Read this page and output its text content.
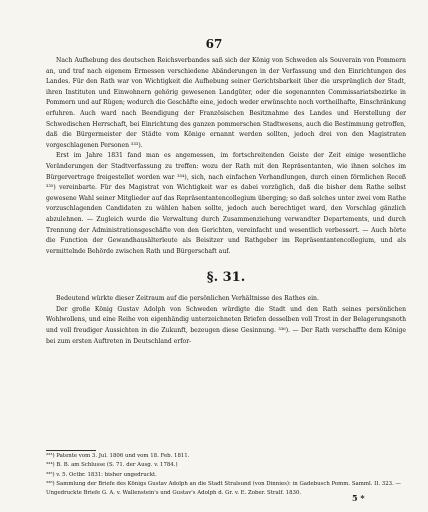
67

Nach Aufhebung des deutschen Reichsverbandes saß sich der König von Schweden als Souverain von Pommern an, und traf nach eigenem Ermessen verschiedene Abänderungen in der Verfassung und den Einrichtungen des Landes. Für den Rath war von Wichtigkeit die Aufhebung seiner Gerichtsbarkeit über die ursprünglich der Stadt, ihren Instituten und Einwohnern gehörig gewesenen Landgüter, oder die sogenannten Commissariatsbezirke in Pommern und auf Rügen; wodurch die Geschäfte eine, jedoch weder erwünschte noch vortheilhafte, Einschränkung erfuhren. Auch ward nach Beendigung der Französischen Besitznahme des Landes und Herstellung der Schwedischen Herrschaft, bei Einrichtung des ganzen pommerschen Stadtwesens, auch die Bestimmung getroffen, daß die Bürgermeister der Städte vom Könige ernannt werden sollten, jedoch drei von den Magistraten vorgeschlagenen Personen ³³³).

Erst im Jahre 1831 fand man es angemessen, im fortschreitenden Geiste der Zeit einige wesentliche Veränderungen der Stadtverfassung zu treffen: wozu der Rath mit den Repräsentanten, wie ihnen solches im Bürgervertrage freigestellet worden war ³³⁴), sich, nach einfachen Verhandlungen, durch einen förmlichen Receß ³³⁵) vereinbarte. Für des Magistrat von Wichtigkeit war es dabei vorzüglich, daß die bisher dem Rathe selbst gewesene Wahl seiner Mitglieder auf das Repräsentantencollegium überging; so daß solches unter zwei vom Rathe vorzuschlagenden Candidaten zu wählen haben sollte, jedoch auch berechtiget ward, den Vorschlag gänzlich abzulehnen. — Zugleich wurde die Verwaltung durch Zusammenziehung verwandter Departements, und durch Trennung der Administrationsgeschäfte von den Gerichten, vereinfacht und wesentlich verbessert. — Auch hörte die Function der Gewandhausälterleute als Beisitzer und Rathgeber im Repräsentantencollegium, und als vermittelnde Behörde zwischen Rath und Bürgerschaft auf.

§. 31.

Bedeutend würkte dieser Zeitraum auf die persönlichen Verhältnisse des Rathes ein.

Der große König Gustav Adolph von Schweden würdigte die Stadt und den Rath seines persönlichen Wohlwollens, und eine Reihe von eigenhändig unterzeichneten Briefen desselben voll Trost in der Belagerungsnoth und voll freudiger Aussichten in die Zukunft, bezeugen diese Gesinnung. ³³⁶). — Der Rath verschaffte dem Könige bei zum ersten Auftreten in Deutschland erfor-

³³³) Patente vom 3. Jul. 1806 und vom 18. Feb. 1811.
³³⁴) B. B. am Schlusse (S. 71. der Ausg. v. 1784.)
³³⁵) v. 5. Octbr. 1831: bisher ungedruckt.
³³⁶) Sammlung der Briefe des Königs Gustav Adolph an die Stadt Stralsund (von Dinnies): in Gadebusch Pomm. Samml. II. 323. — Ungedruckte Briefe G. A. v. Wallenstein's und Gustav's Adolph d. Gr. v. E. Zober. Stralf. 1830.	5 *
